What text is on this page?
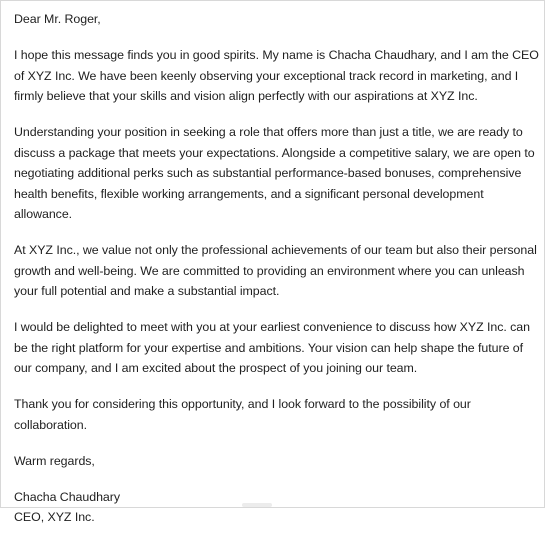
Dear Mr. Roger,

I hope this message finds you in good spirits. My name is Chacha Chaudhary, and I am the CEO of XYZ Inc. We have been keenly observing your exceptional track record in marketing, and I firmly believe that your skills and vision align perfectly with our aspirations at XYZ Inc.

Understanding your position in seeking a role that offers more than just a title, we are ready to discuss a package that meets your expectations. Alongside a competitive salary, we are open to negotiating additional perks such as substantial performance-based bonuses, comprehensive health benefits, flexible working arrangements, and a significant personal development allowance.

At XYZ Inc., we value not only the professional achievements of our team but also their personal growth and well-being. We are committed to providing an environment where you can unleash your full potential and make a substantial impact.

I would be delighted to meet with you at your earliest convenience to discuss how XYZ Inc. can be the right platform for your expertise and ambitions. Your vision can help shape the future of our company, and I am excited about the prospect of you joining our team.

Thank you for considering this opportunity, and I look forward to the possibility of our collaboration.

Warm regards,

Chacha Chaudhary
CEO, XYZ Inc.
